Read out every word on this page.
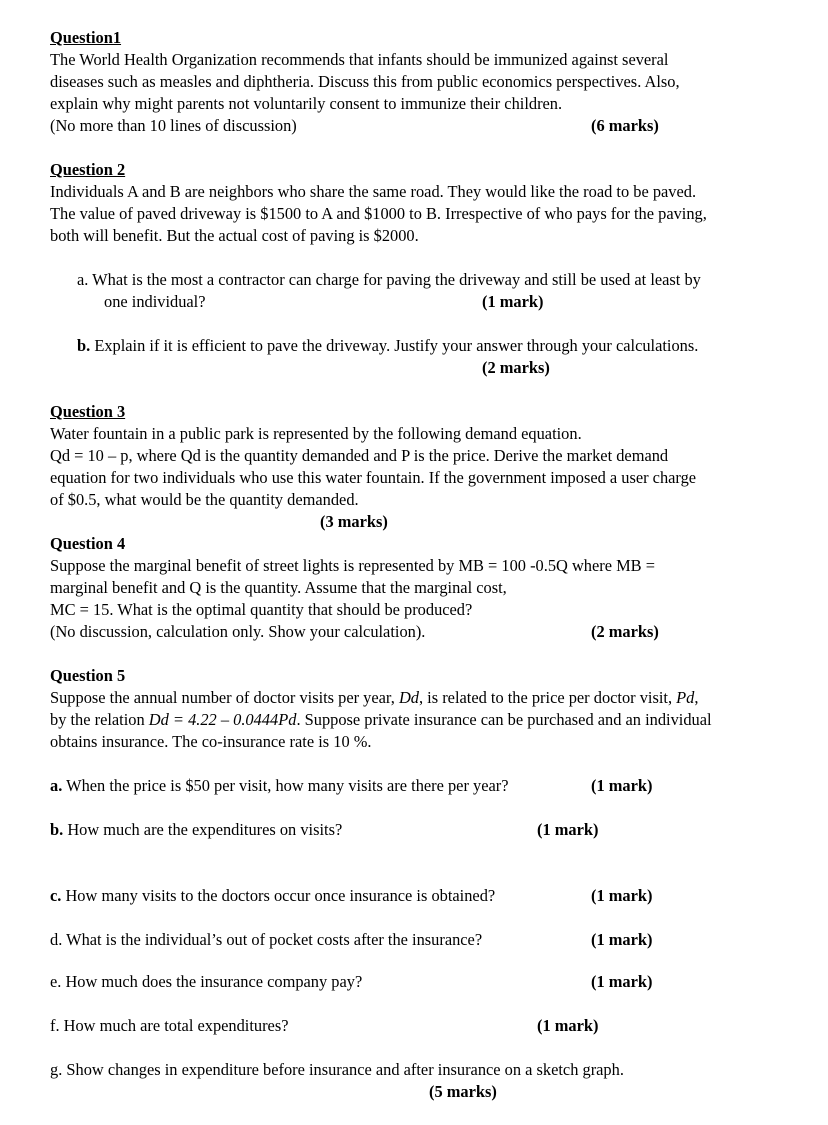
Question1
The World Health Organization recommends that infants should be immunized against several
diseases such as measles and diphtheria. Discuss this from public economics perspectives. Also,
explain why might parents not voluntarily consent to immunize their children.
(No more than 10 lines of discussion)	(6 marks)
Question 2
Individuals A and B are neighbors who share the same road. They would like the road to be paved.
The value of paved driveway is $1500 to A and $1000 to B. Irrespective of who pays for the paving,
both will benefit. But the actual cost of paving is $2000.
a. What is the most a contractor can charge for paving the driveway and still be used at least by
one individual?	(1 mark)
b. Explain if it is efficient to pave the driveway. Justify your answer through your calculations.
(2 marks)
Question 3
Water fountain in a public park is represented by the following demand equation.
Qd = 10 – p, where Qd is the quantity demanded and P is the price. Derive the market demand
equation for two individuals who use this water fountain. If the government imposed a user charge
of $0.5, what would be the quantity demanded.
(3 marks)
Question 4
Suppose the marginal benefit of street lights is represented by MB = 100 -0.5Q where MB =
marginal benefit and Q is the quantity. Assume that the marginal cost,
MC = 15. What is the optimal quantity that should be produced?
(No discussion, calculation only. Show your calculation).	(2 marks)
Question 5
Suppose the annual number of doctor visits per year, Dd, is related to the price per doctor visit, Pd,
by the relation Dd = 4.22 – 0.0444Pd. Suppose private insurance can be purchased and an individual
obtains insurance. The co-insurance rate is 10 %.
a. When the price is $50 per visit, how many visits are there per year?	(1 mark)
b. How much are the expenditures on visits?	(1 mark)
c. How many visits to the doctors occur once insurance is obtained?	(1 mark)
d. What is the individual’s out of pocket costs after the insurance?	(1 mark)
e. How much does the insurance company pay?	(1 mark)
f. How much are total expenditures?	(1 mark)
g. Show changes in expenditure before insurance and after insurance on a sketch graph.
(5 marks)
